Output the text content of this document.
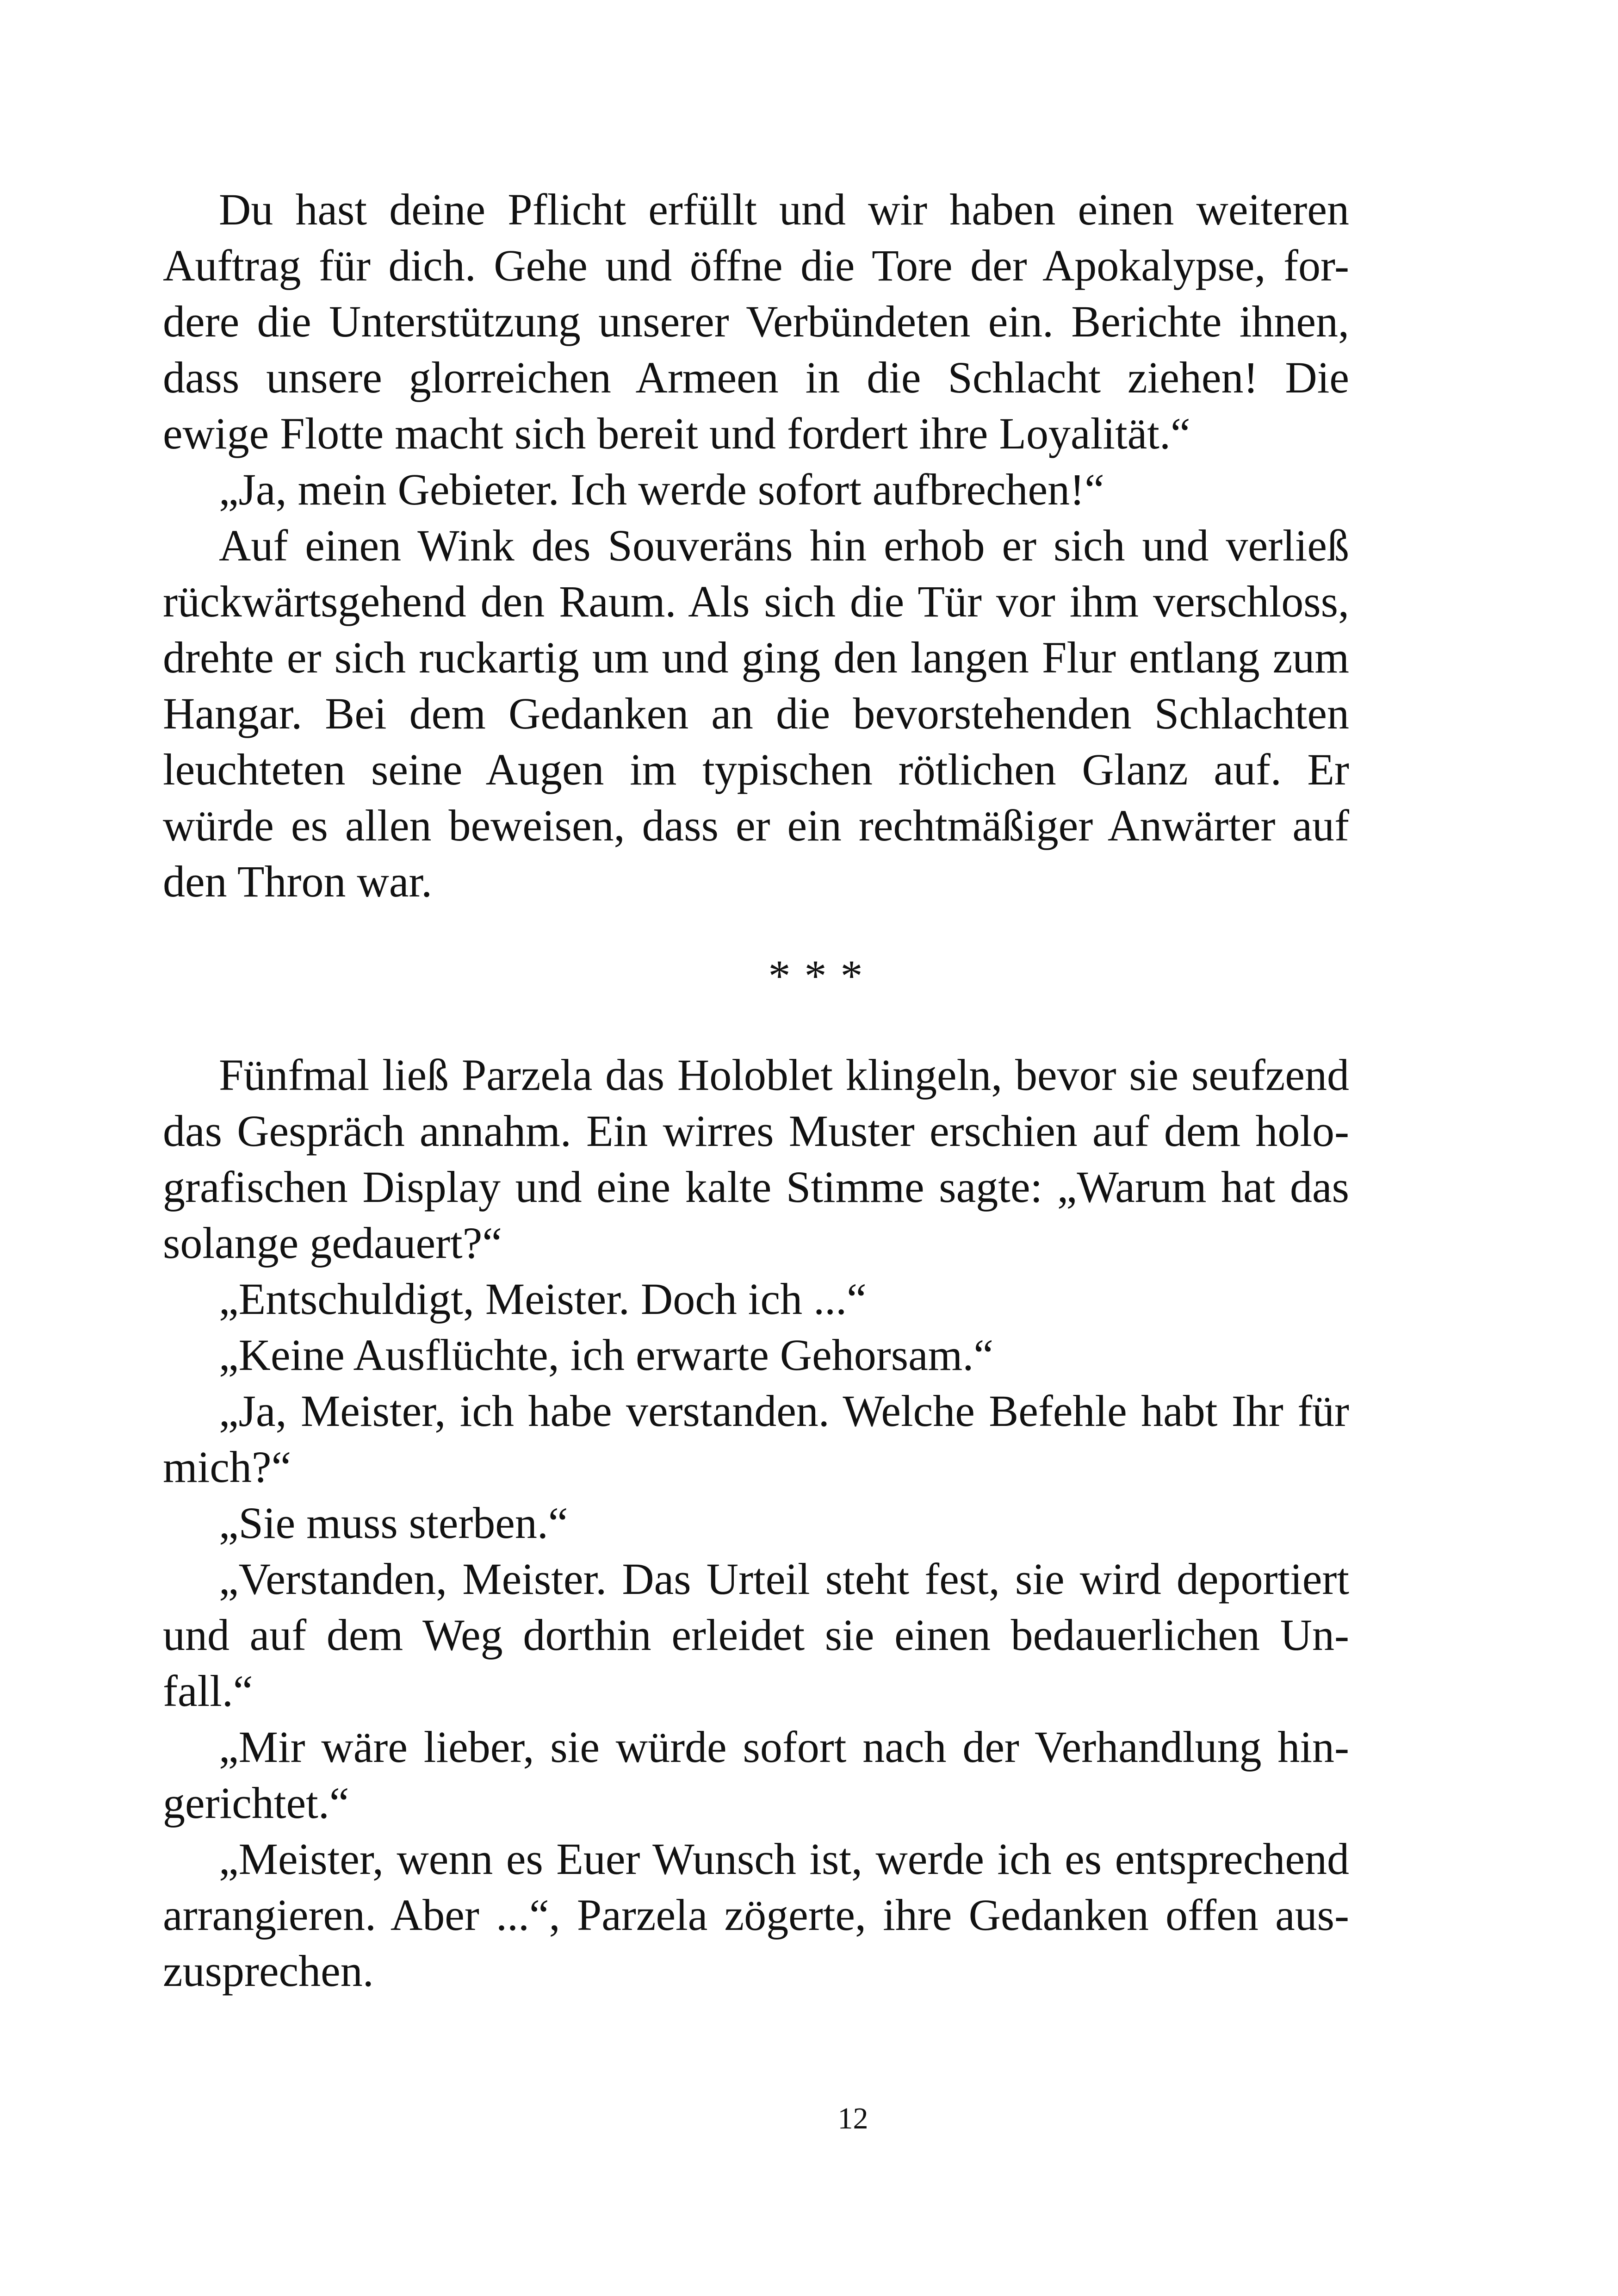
Du hast deine Pflicht erfüllt und wir haben einen weiteren
Auftrag für dich. Gehe und öffne die Tore der Apokalypse, for-
dere die Unterstützung unserer Verbündeten ein. Berichte ihnen,
dass unsere glorreichen Armeen in die Schlacht ziehen! Die
ewige Flotte macht sich bereit und fordert ihre Loyalität.“
„Ja, mein Gebieter. Ich werde sofort aufbrechen!“
Auf einen Wink des Souveräns hin erhob er sich und verließ
rückwärtsgehend den Raum. Als sich die Tür vor ihm verschloss,
drehte er sich ruckartig um und ging den langen Flur entlang zum
Hangar. Bei dem Gedanken an die bevorstehenden Schlachten
leuchteten seine Augen im typischen rötlichen Glanz auf. Er
würde es allen beweisen, dass er ein rechtmäßiger Anwärter auf
den Thron war.
***
Fünfmal ließ Parzela das Holoblet klingeln, bevor sie seufzend
das Gespräch annahm. Ein wirres Muster erschien auf dem holo-
grafischen Display und eine kalte Stimme sagte: „Warum hat das
solange gedauert?“
„Entschuldigt, Meister. Doch ich ...“
„Keine Ausflüchte, ich erwarte Gehorsam.“
„Ja, Meister, ich habe verstanden. Welche Befehle habt Ihr für
mich?“
„Sie muss sterben.“
„Verstanden, Meister. Das Urteil steht fest, sie wird deportiert
und auf dem Weg dorthin erleidet sie einen bedauerlichen Un-
fall.“
„Mir wäre lieber, sie würde sofort nach der Verhandlung hin-
gerichtet.“
„Meister, wenn es Euer Wunsch ist, werde ich es entsprechend
arrangieren. Aber ...“, Parzela zögerte, ihre Gedanken offen aus-
zusprechen.
12
